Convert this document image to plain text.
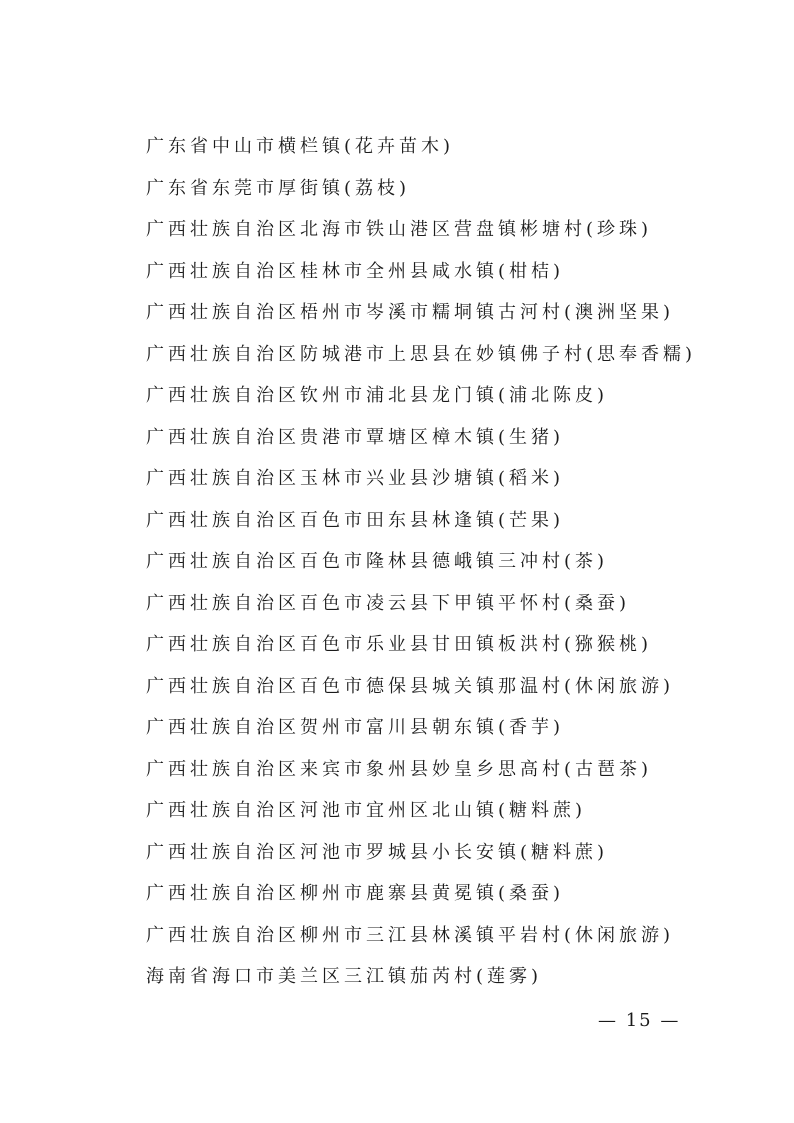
广东省中山市横栏镇(花卉苗木)
广东省东莞市厚街镇(荔枝)
广西壮族自治区北海市铁山港区营盘镇彬塘村(珍珠)
广西壮族自治区桂林市全州县咸水镇(柑桔)
广西壮族自治区梧州市岑溪市糯垌镇古河村(澳洲坚果)
广西壮族自治区防城港市上思县在妙镇佛子村(思奉香糯)
广西壮族自治区钦州市浦北县龙门镇(浦北陈皮)
广西壮族自治区贵港市覃塘区樟木镇(生猪)
广西壮族自治区玉林市兴业县沙塘镇(稻米)
广西壮族自治区百色市田东县林逢镇(芒果)
广西壮族自治区百色市隆林县德峨镇三冲村(茶)
广西壮族自治区百色市凌云县下甲镇平怀村(桑蚕)
广西壮族自治区百色市乐业县甘田镇板洪村(猕猴桃)
广西壮族自治区百色市德保县城关镇那温村(休闲旅游)
广西壮族自治区贺州市富川县朝东镇(香芋)
广西壮族自治区来宾市象州县妙皇乡思高村(古琶茶)
广西壮族自治区河池市宜州区北山镇(糖料蔗)
广西壮族自治区河池市罗城县小长安镇(糖料蔗)
广西壮族自治区柳州市鹿寨县黄冕镇(桑蚕)
广西壮族自治区柳州市三江县林溪镇平岩村(休闲旅游)
海南省海口市美兰区三江镇茄芮村(莲雾)
— 15 —
